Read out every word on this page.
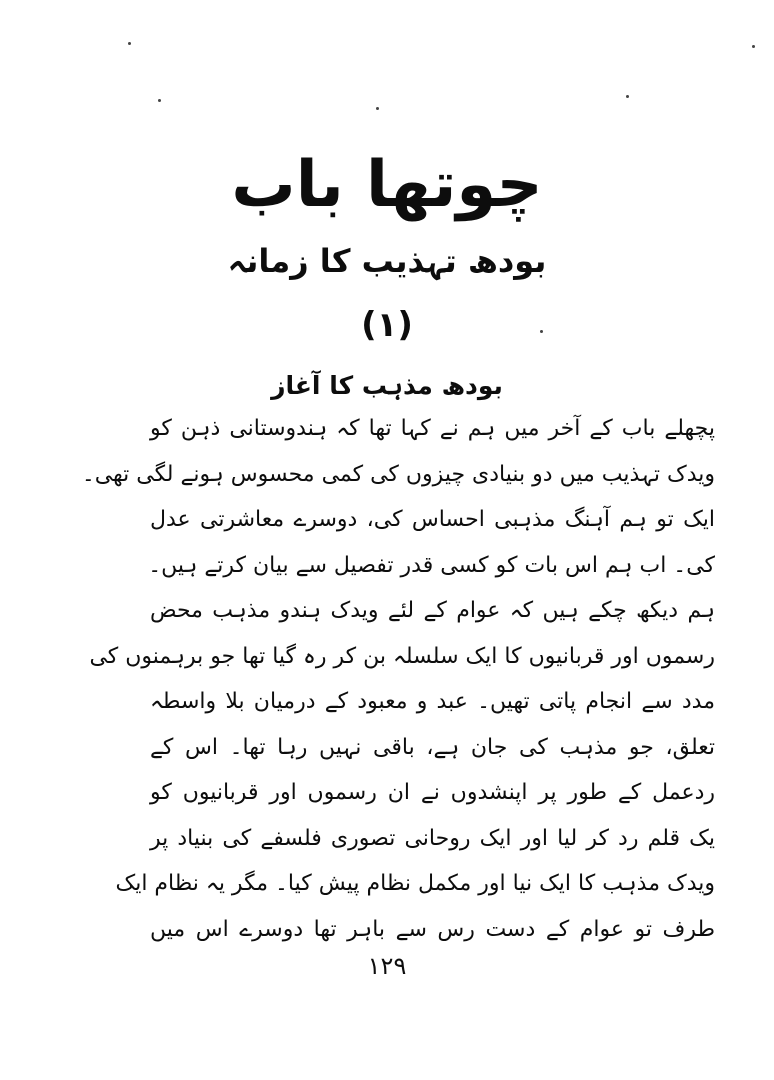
چوتھا باب
بودھ تہذیب کا زمانہ
(۱)
بودھ مذہب کا آغاز
پچھلے باب کے آخر میں ہم نے کہا تھا کہ ہندوستانی ذہن کو
ویدک تہذیب میں دو بنیادی چیزوں کی کمی محسوس ہونے لگی تھی۔
ایک تو ہم آہنگ مذہبی احساس کی، دوسرے معاشرتی عدل
کی۔ اب ہم اس بات کو کسی قدر تفصیل سے بیان کرتے ہیں۔
ہم دیکھ چکے ہیں کہ عوام کے لئے ویدک ہندو مذہب محض
رسموں اور قربانیوں کا ایک سلسلہ بن کر رہ گیا تھا جو برہمنوں کی
مدد سے انجام پاتی تھیں۔ عبد و معبود کے درمیان بلا واسطہ
تعلق، جو مذہب کی جان ہے، باقی نہیں رہا تھا۔ اس کے
ردعمل کے طور پر اپنشدوں نے ان رسموں اور قربانیوں کو
یک قلم رد کر لیا اور ایک روحانی تصوری فلسفے کی بنیاد پر
ویدک مذہب کا ایک نیا اور مکمل نظام پیش کیا۔ مگر یہ نظام ایک
طرف تو عوام کے دست رس سے باہر تھا دوسرے اس میں
۱۲۹
